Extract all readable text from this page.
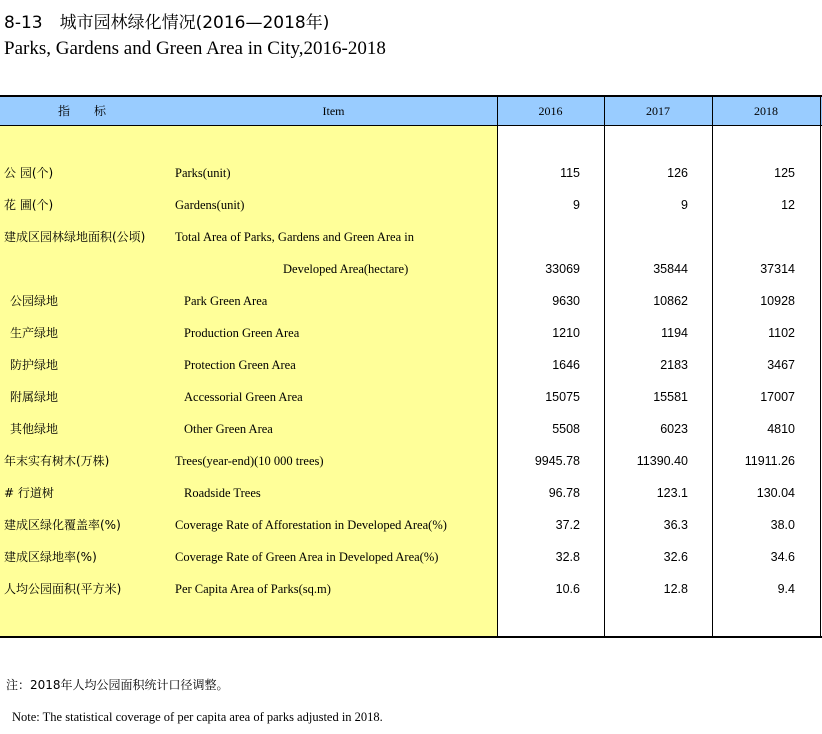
8-13　城市园林绿化情况(2016—2018年)
Parks, Gardens and Green Area in City,2016-2018
指　标	Item	2016	2017	2018
公 园(个)	Parks(unit)	115	126	125
花 圃(个)	Gardens(unit)	9	9	12
建成区园林绿地面积(公顷) Total Area of Parks, Gardens and Green Area in
Developed Area(hectare)	33069	35844	37314
公园绿地	Park Green Area	9630	10862	10928
生产绿地	Production Green Area	1210	1194	1102
防护绿地	Protection Green Area	1646	2183	3467
附属绿地	Accessorial Green Area	15075	15581	17007
其他绿地	Other Green Area	5508	6023	4810
年末实有树木(万株)	Trees(year-end)(10 000 trees)	9945.78	11390.40	11911.26
# 行道树	Roadside Trees	96.78	123.1	130.04
建成区绿化覆盖率(%)	Coverage Rate of Afforestation in Developed Area(%)	37.2	36.3	38.0
建成区绿地率(%)	Coverage Rate of Green Area in Developed Area(%)	32.8	32.6	34.6
人均公园面积(平方米)	Per Capita Area of Parks(sq.m)	10.6	12.8	9.4
注：2018年人均公园面积统计口径调整。
Note: The statistical coverage of per capita area of parks adjusted in 2018.
